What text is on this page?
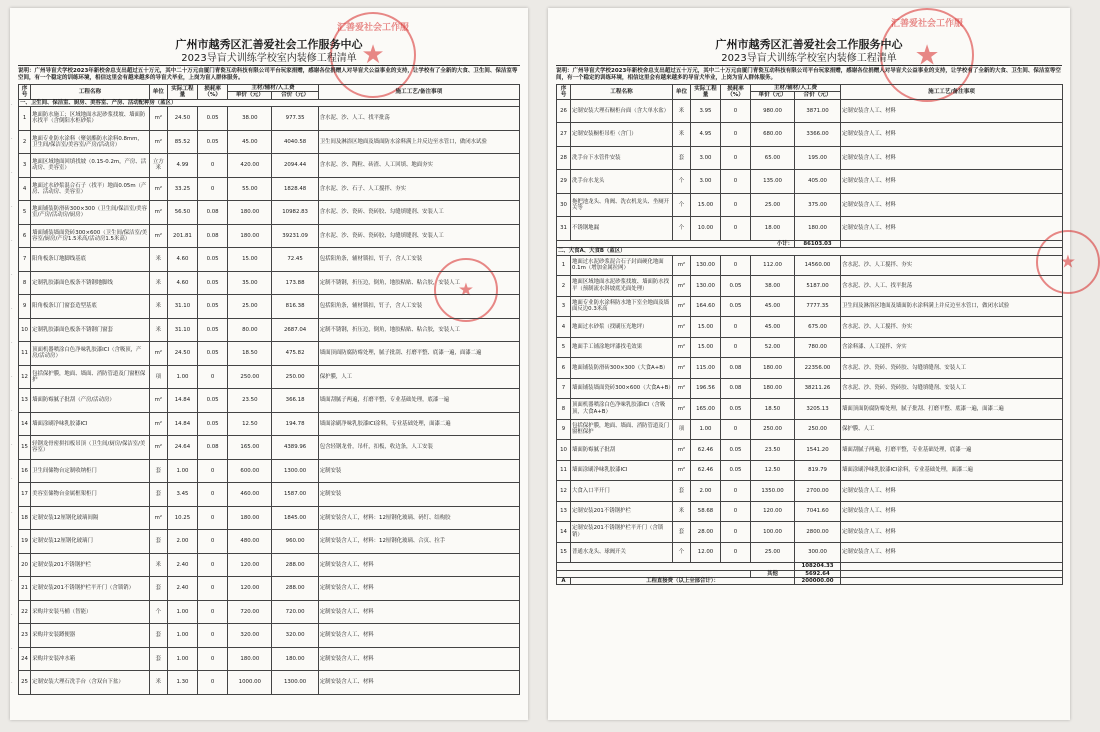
·
·
·
·
·
·
·
·
·
·
·
·
·
·
·
·
·
·
汇善爱社会工作服
★
★
广州市越秀区汇善爱社会工作服务中心
2023导盲犬训练学校室内装修工程清单
说明：广州导盲犬学校2023年新校舍总支出超过五十万元，其中二十万元由厦门青瓷互动科技有限公司平台玩家捐赠，感谢各位捐赠人对导盲犬公益事业的支持，让学校有了全新的大食、卫生间、保洁室等空间，有一个稳定的训练环境，相信这里会有越来越多的导盲犬毕业，上岗为盲人群体服务。
序号	工程名称	单位	实际工程量	损耗率（%）	主材/辅材/人工费		施工工艺/备注事项
					单价（元）	合价（元）	
一、卫生间、保洁室、厨房、美容室、产房、活动配种房（蓝区）							
1	地面防水施工；区域地面水泥砂浆找坡、墙面防水找平（含倒阳水柜砂浆）	m²	24.50	0.05	38.00	977.35	含水泥、沙、人工、找平批荡
2	地面专业防水涂料（聚氨酯防水涂料0.8mm，卫生间/保洁室/美容室/产房/活动房）	m²	85.52	0.05	45.00	4040.58	卫生间及淋浴区地面及墙面防水涂料满上并反边至水管口，做闭水试验
3	地面区域地面回填找坡（0.15-0.2m，产房、活动房、美容室）	立方米	4.99	0	420.00	2094.44	含水泥、沙、陶粒、砖渣、人工回填、地面夯实
4	地面过水砂浆混合石子（找平）地面0.05m（产房、活动房、美容室）	m²	33.25	0	55.00	1828.48	含水泥、沙、石子、人工搅拌、夯实
5	地面铺装防滑砖300×300（卫生间/保洁室/美容室/产房/活动房/厨房）	m²	56.50	0.08	180.00	10982.83	含水泥、沙、瓷砖、瓷砖胶、勾缝填缝剂、安装人工
6	墙面铺装墙面瓷砖300×600（卫生间/保洁室/美容室/厨房/产房1.5米高/活动房1.5米高）	m²	201.81	0.08	180.00	39231.09	含水泥、沙、瓷砖、瓷砖胶、勾缝填缝剂、安装人工
7	阳角板条订地脚线基底	米	4.60	0.05	15.00	72.45	包括阳角条，辅材锁扣，钉子，含人工安装
8	定制乳胶漆面色板条不锈钢地脚线	米	4.60	0.05	35.00	173.88	定制不锈钢，折压边，倒角，地胶粘贴、粘合胶，安装人工
9	阳角板条订门窗套造型基底	米	31.10	0.05	25.00	816.38	包括阳角条，辅材锁扣，钉子，含人工安装
10	定制乳胶漆面色板条不锈钢门窗套	米	31.10	0.05	80.00	2687.04	定制不锈钢，折压边，倒角，地胶粘贴、粘合胶，安装人工
11	顶面机器喷涂白色净味乳胶漆ICI（含吸顶，产房/活动房）	m²	24.50	0.05	18.50	475.82	墙面顶面防腐防霉处理，腻子批刮、打磨平整、底漆一遍，面漆二遍
12	包括保护膜，地面、墙面、消防管道及门窗框保护	项	1.00	0	250.00	250.00	保护膜，人工
13	墙面防霉腻子批刮（产房/活动房）	m²	14.84	0.05	23.50	366.18	墙面刮腻子两遍，打磨平整，专业基础处理，底漆一遍
14	墙面涂刷净味乳胶漆ICI	m²	14.84	0.05	12.50	194.78	墙面涂刷净味乳胶漆ICI涂料，专业基础处理，面漆二遍
15	轻钢龙骨密拼扣板吊顶（卫生间/厨房/保洁室/美容室）	m²	24.64	0.08	165.00	4389.96	包含轻钢龙骨，吊杆，扣板，收边条，人工安装
16	卫生间储物台定制收纳柜门	套	1.00	0	600.00	1300.00	定制安装
17	美容室储物台金属框架柜门	套	3.45	0	460.00	1587.00	定制安装
18	定制安装12厘钢化玻璃间隔	m²	10.25	0	180.00	1845.00	定制安装含人工，材料：12厘钢化玻璃、码钉、结构胶
19	定制安装12厘钢化玻璃门	套	2.00	0	480.00	960.00	定制安装含人工，材料：12厘钢化玻璃、合页、拉手
20	定制安装201不锈钢护栏	米	2.40	0	120.00	288.00	定制安装含人工、材料
21	定制安装201不锈钢护栏平开门（含锁销）	套	2.40	0	120.00	288.00	定制安装含人工、材料
22	采购并安装马桶（智能）	个	1.00	0	720.00	720.00	定制安装含人工、材料
23	采购并安装蹲便器	套	1.00	0	320.00	320.00	定制安装含人工、材料
24	采购并安装冲水箱	套	1.00	0	180.00	180.00	定制安装含人工、材料
25	定制安装大理石洗手台（含双台下盆）	米	1.30	0	1000.00	1300.00	定制安装含人工、材料
汇善爱社会工作服
★
★
广州市越秀区汇善爱社会工作服务中心
2023导盲犬训练学校室内装修工程清单
说明：广州导盲犬学校2023年新校舍总支出超过五十万元，其中二十万元由厦门青瓷互动科技有限公司平台玩家捐赠，感谢各位捐赠人对导盲犬公益事业的支持，让学校有了全新的大食、卫生间、保洁室等空间，有一个稳定的训练环境，相信这里会有越来越多的导盲犬毕业，上岗为盲人群体服务。
序号	工程名称	单位	实际工程量	损耗率（%）	主材/辅材/人工费		施工工艺/备注事项
					单价（元）	合价（元）	
26	定制安装大理石橱柜台面（含大单水盆）	米	3.95	0	980.00	3871.00	定制安装含人工、材料
27	定制安装橱柜吊柜（含门）	米	4.95	0	680.00	3366.00	定制安装含人工、材料
28	洗手台下水管件安装	套	3.00	0	65.00	195.00	定制安装含人工、材料
29	洗手台水龙头	个	3.00	0	135.00	405.00	定制安装含人工、材料
30	拖把池龙头、角阀、洗衣机龙头、坐厕开关等	个	15.00	0	25.00	375.00	定制安装含人工、材料
31	不锈钢地漏	个	10.00	0	18.00	180.00	定制安装含人工、材料
小计：						86103.03	
二、大食A、大食B（蓝区）							
1	地面过水泥砂浆混合石子封面硬化地面0.1m（增加金属拉网）	m²	130.00	0	112.00	14560.00	含水泥、沙、人工搅拌、夯实
2	地面区域地面水泥砂浆找坡、墙面防水找平（预制流水斜坡底光面处理）	m²	130.00	0.05	38.00	5187.00	含水泥、沙、人工、找平批荡
3	地面专业防水涂料防水地下室全地面及墙面反边0.3米高	m²	164.60	0.05	45.00	7777.35	卫生间及淋浴区地面及墙面防水涂料满上并反边至水管口，做闭水试验
4	地面过水砂浆（找刷压光地坪）	m²	15.00	0	45.00	675.00	含水泥、沙、人工搅拌、夯实
5	地面手工铺涂地坪漆找毛效果	m²	15.00	0	52.00	780.00	含涂料漆、人工搅拌、夯实
6	地面铺装防滑砖300×300（大食A+B）	m²	115.00	0.08	180.00	22356.00	含水泥、沙、瓷砖、瓷砖胶、勾缝填缝剂、安装人工
7	墙面铺装墙面瓷砖300×600（大食A+B）	m²	196.56	0.08	180.00	38211.26	含水泥、沙、瓷砖、瓷砖胶、勾缝填缝剂、安装人工
8	顶面机器喷涂白色净味乳胶漆ICI（含吸顶，大食A+B）	m²	165.00	0.05	18.50	3205.13	墙面顶面防腐防霉处理，腻子批刮、打磨平整、底漆一遍，面漆二遍
9	包括保护膜，地面、墙面、消防管道及门窗框保护	项	1.00	0	250.00	250.00	保护膜、人工
10	墙面防霉腻子批刮	m²	62.46	0.05	23.50	1541.20	墙面刮腻子两遍，打磨平整，专业基础处理，底漆一遍
11	墙面涂刷净味乳胶漆ICI	m²	62.46	0.05	12.50	819.79	墙面涂刷净味乳胶漆ICI涂料，专业基础处理，面漆二遍
12	大食入口平开门	套	2.00	0	1350.00	2700.00	定制安装含人工、材料
13	定制安装201不锈钢护栏	米	58.68	0	120.00	7041.60	定制安装含人工、材料
14	定制安装201不锈钢护栏平开门（含锁销）	套	28.00	0	100.00	2800.00	定制安装含人工、材料
15	普通水龙头、球阀开关	个	12.00	0	25.00	300.00	定制安装含人工、材料
						108204.33	
					其他	5692.64	
A	工程直接费（以上全部合计）：					200000.00	
